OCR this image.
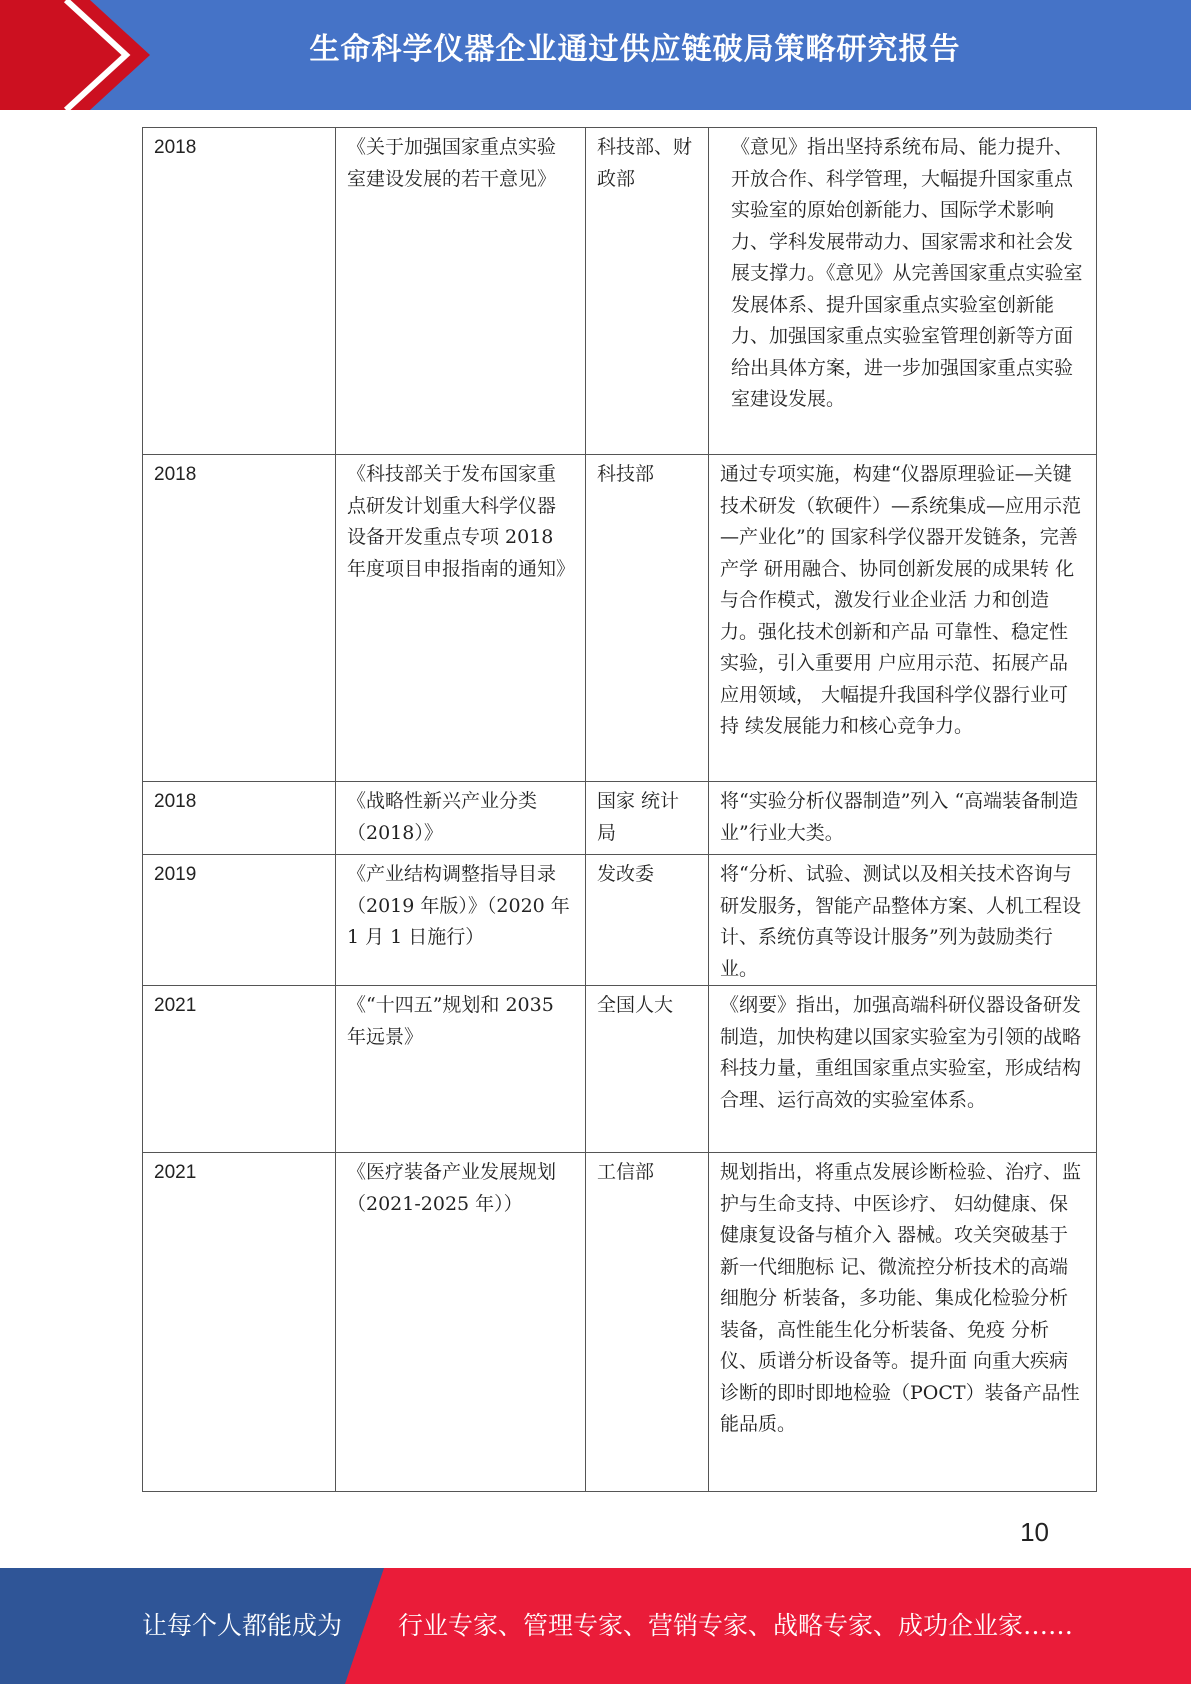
生命科学仪器企业通过供应链破局策略研究报告
2018	《关于加强国家重点实验室建设发展的若干意见》	科技部、财政部	《意见》指出坚持系统布局、能力提升、开放合作、科学管理，大幅提升国家重点实验室的原始创新能力、国际学术影响力、学科发展带动力、国家需求和社会发展支撑力。《意见》从完善国家重点实验室发展体系、提升国家重点实验室创新能力、加强国家重点实验室管理创新等方面给出具体方案，进一步加强国家重点实验室建设发展。
2018	《科技部关于发布国家重点研发计划重大科学仪器设备开发重点专项 2018 年度项目申报指南的通知》	科技部	通过专项实施，构建“仪器原理验证—关键技术研发（软硬件）—系统集成—应用示范—产业化”的 国家科学仪器开发链条，完善产学 研用融合、协同创新发展的成果转 化与合作模式，激发行业企业活 力和创造力。强化技术创新和产品 可靠性、稳定性实验，引入重要用 户应用示范、拓展产品应用领域， 大幅提升我国科学仪器行业可持 续发展能力和核心竞争力。

2018	《战略性新兴产业分类（2018）》	国家 统计局	将“实验分析仪器制造”列入 “高端装备制造业”行业大类。
2019	《产业结构调整指导目录（2019 年版）》（2020 年 1 月 1 日施行）	发改委	将“分析、试验、测试以及相关技术咨询与研发服务，智能产品整体方案、人机工程设计、系统仿真等设计服务”列为鼓励类行业。
2021	《“十四五”规划和 2035 年远景》	全国人大	《纲要》指出，加强高端科研仪器设备研发制造，加快构建以国家实验室为引领的战略科技力量，重组国家重点实验室，形成结构合理、运行高效的实验室体系。
2021	《医疗装备产业发展规划（2021-2025 年））	工信部	规划指出，将重点发展诊断检验、治疗、监护与生命支持、中医诊疗、 妇幼健康、保健康复设备与植介入 器械。攻关突破基于新一代细胞标 记、微流控分析技术的高端细胞分 析装备，多功能、集成化检验分析 装备，高性能生化分析装备、免疫 分析仪、质谱分析设备等。提升面 向重大疾病诊断的即时即地检验（POCT）装备产品性能品质。
10
让每个人都能成为 行业专家、管理专家、营销专家、战略专家、成功企业家……
